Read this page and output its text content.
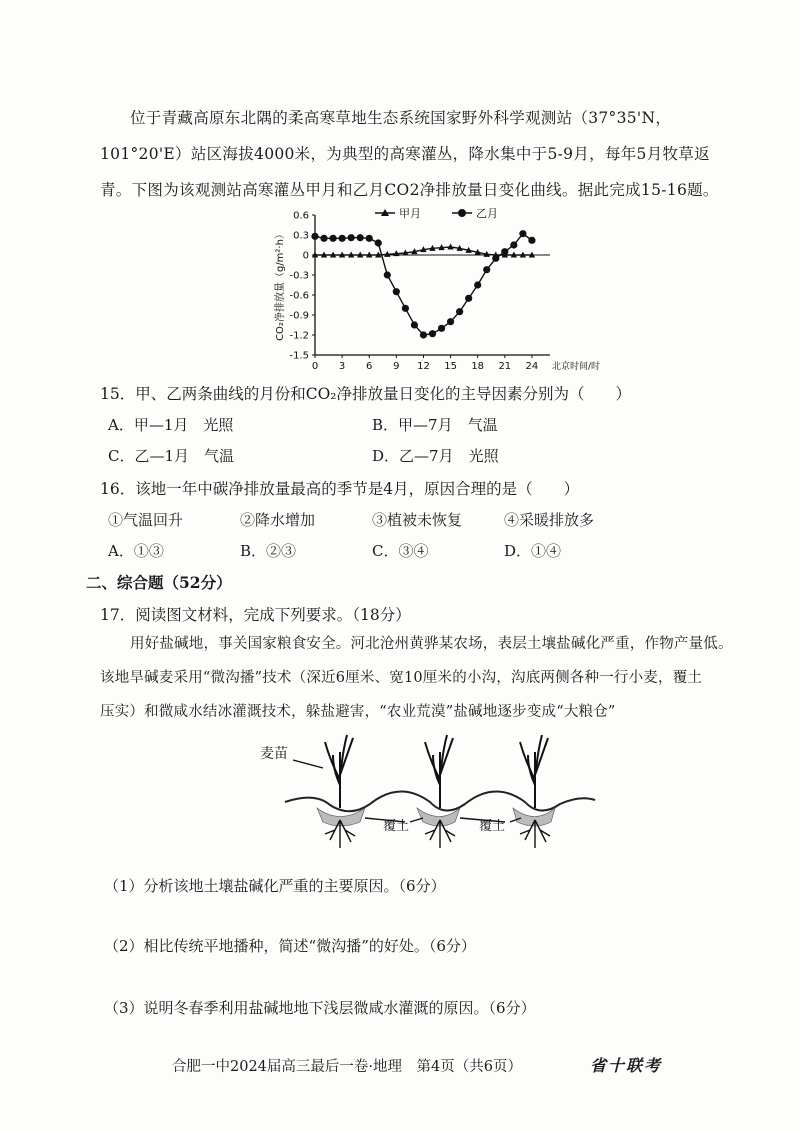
位于青藏高原东北隅的柔高寒草地生态系统国家野外科学观测站（37°35'N，101°20'E）站区海拔4000米，为典型的高寒灌丛，降水集中于5-9月，每年5月牧草返青。下图为该观测站高寒灌丛甲月和乙月CO2净排放量日变化曲线。据此完成15-16题。
0.6
0.3
0
-0.3
-0.6
-0.9
-1.2
-1.5
0 3 6 9 12 15 18 21 24 北京时间/时
CO₂净排放量（g/m²·h）
甲月	乙月
15．甲、乙两条曲线的月份和CO₂净排放量日变化的主导因素分别为（　　）
A．甲—1月　光照	B．甲—7月　气温
C．乙—1月　气温	D．乙—7月　光照
16．该地一年中碳净排放量最高的季节是4月，原因合理的是（　　）
①气温回升	②降水增加	③植被未恢复	④采暖排放多
A．①③	B．②③	C．③④	D．①④
二、综合题（52分）
17．阅读图文材料，完成下列要求。（18分）
用好盐碱地，事关国家粮食安全。河北沧州黄骅某农场，表层土壤盐碱化严重，作物产量低。
该地旱碱麦采用“微沟播”技术（深近6厘米、宽10厘米的小沟，沟底两侧各种一行小麦，覆土
压实）和微咸水结冰灌溉技术，躲盐避害，“农业荒漠”盐碱地逐步变成“大粮仓”
麦苗
覆土	覆土
（1）分析该地土壤盐碱化严重的主要原因。（6分）
（2）相比传统平地播种，简述“微沟播”的好处。（6分）
（3）说明冬春季利用盐碱地地下浅层微咸水灌溉的原因。（6分）
合肥一中2024届高三最后一卷·地理　第4页（共6页）	省十联考
